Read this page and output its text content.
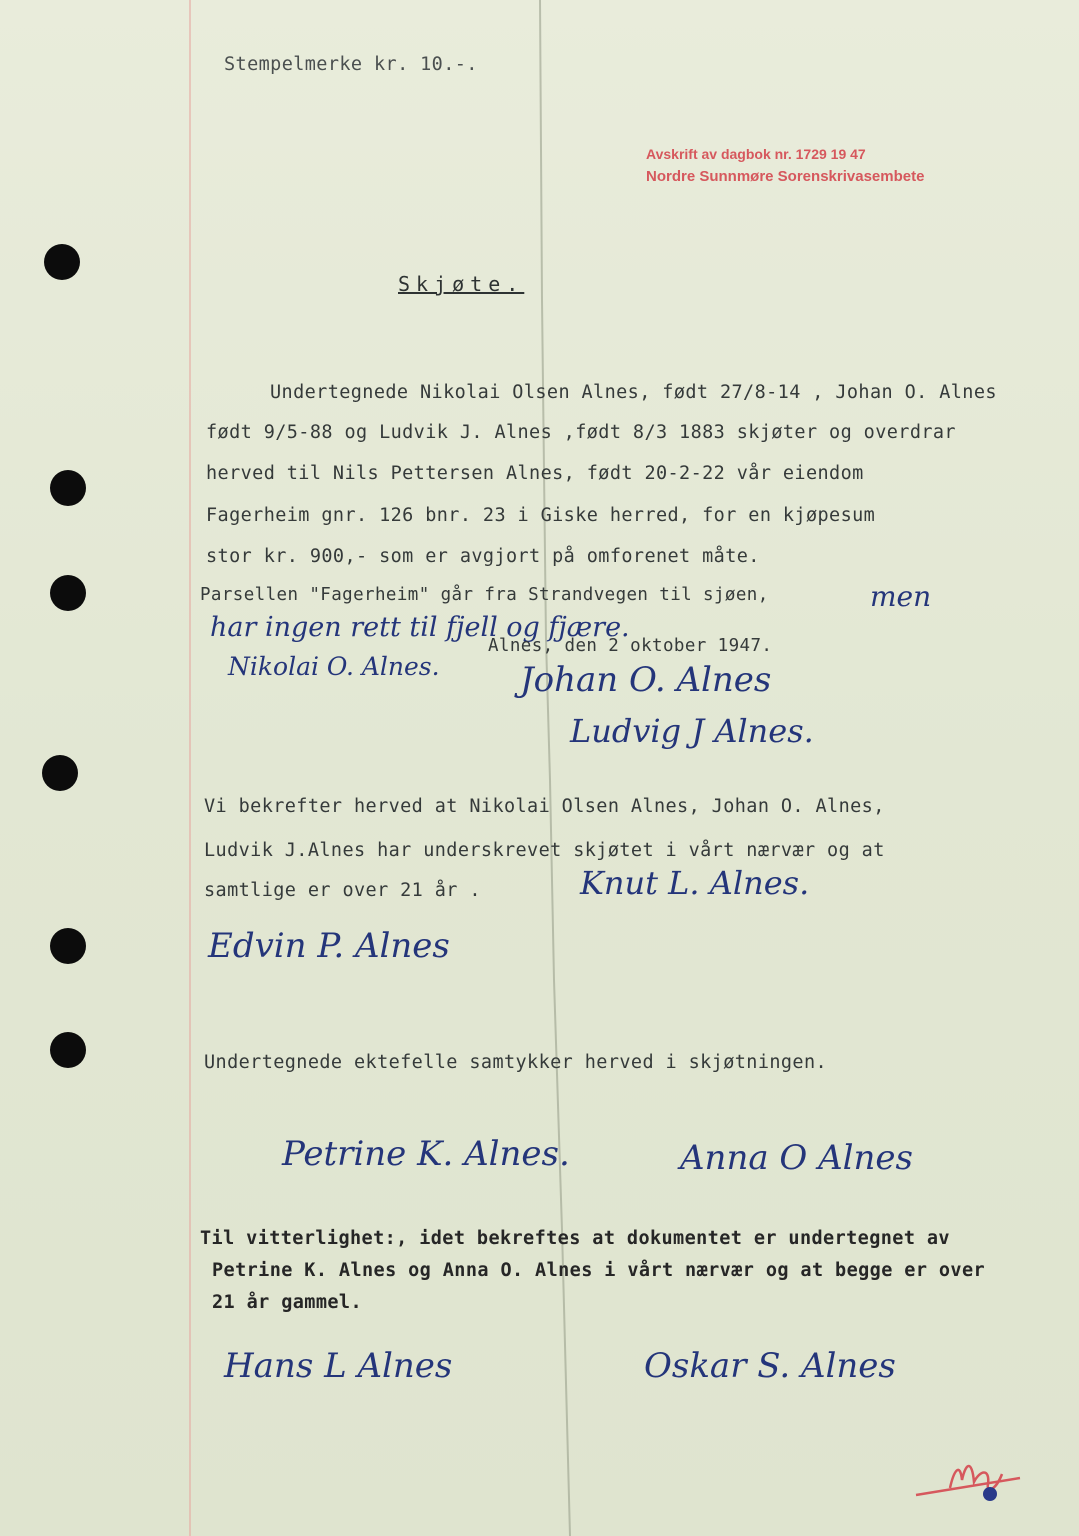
Stempelmerke kr. 10.-.
Avskrift av dagbok nr. 1729 19 47
Nordre Sunnmøre Sorenskrivasembete
Skjøte.
Undertegnede Nikolai Olsen Alnes, født 27/8-14 , Johan O. Alnes
født 9/5-88 og Ludvik J. Alnes ,født 8/3 1883 skjøter og overdrar
herved til Nils Pettersen Alnes, født 20-2-22 vår eiendom
Fagerheim gnr. 126 bnr. 23 i Giske herred, for en kjøpesum
stor kr. 900,- som er avgjort på omforenet måte.
Parsellen "Fagerheim" går fra Strandvegen til sjøen,	men
har ingen rett til fjell og fjære.
Alnes, den 2 oktober 1947.
Nikolai O. Alnes. Johan O. Alnes
Ludvig J Alnes.
Vi bekrefter herved at Nikolai Olsen Alnes, Johan O. Alnes,
Ludvik J.Alnes har underskrevet skjøtet i vårt nærvær og at
samtlige er over 21 år .	Knut L. Alnes.
Edvin P. Alnes
Undertegnede ektefelle samtykker herved i skjøtningen.
Petrine K. Alnes.	Anna O Alnes
Til vitterlighet:, idet bekreftes at dokumentet er undertegnet av
Petrine K. Alnes og Anna O. Alnes i vårt nærvær og at begge er over
21 år gammel.
Hans L Alnes	Oskar S. Alnes
